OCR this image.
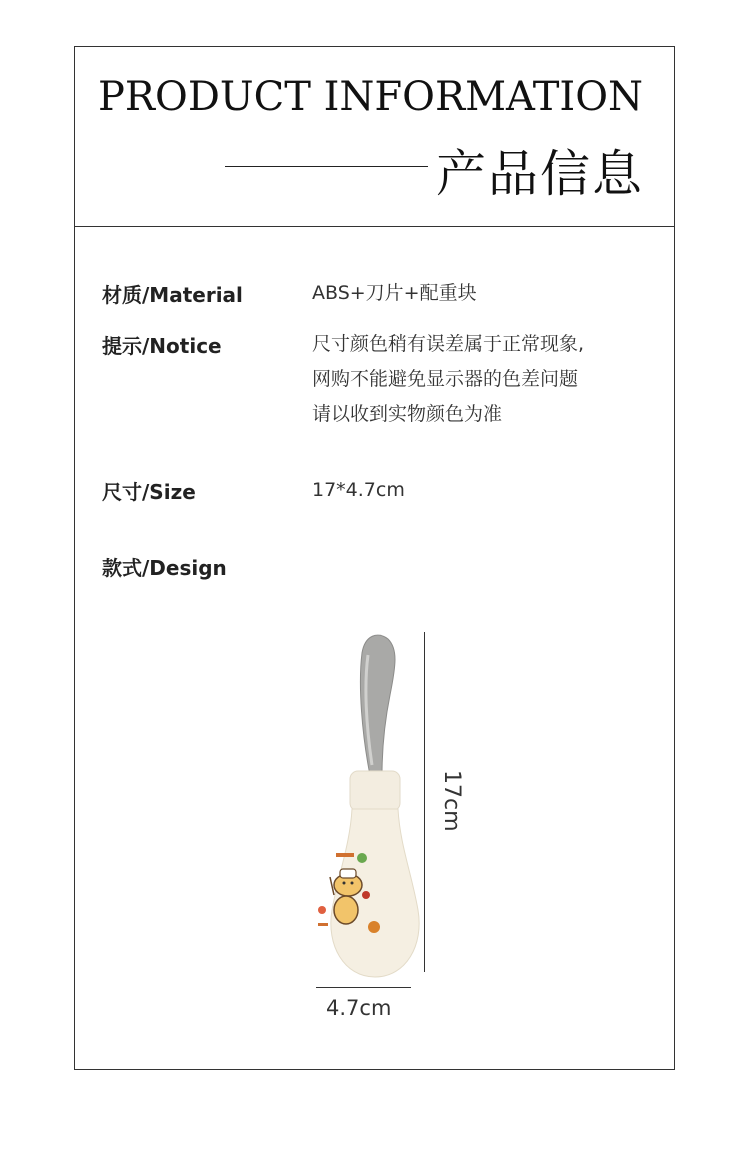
PRODUCT INFORMATION
产品信息
材质/Material	ABS+刀片+配重块
提示/Notice	尺寸颜色稍有误差属于正常现象,
网购不能避免显示器的色差问题
请以收到实物颜色为准
尺寸/Size	17*4.7cm
款式/Design
17cm
4.7cm
